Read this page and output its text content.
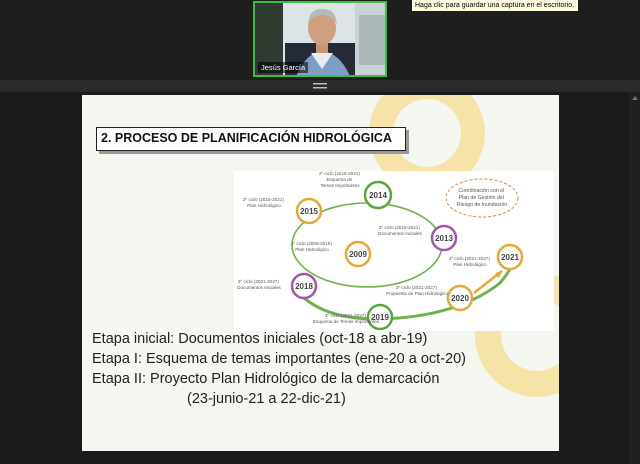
Jesús García
Haga clic para guardar una captura en el escritorio.
Coordinación con el Plan de Gestión del Riesgo de Inundación
2014
2º ciclo (2015-2021) Esquema de Temas Importantes
2015
2º ciclo (2015-2021) Plan Hidrológico
2013
2º ciclo (2015-2021) Documentos Iniciales
2009
1º ciclo (2009-2015) Plan Hidrológico
2021
3º ciclo (2021-2027) Plan Hidrológico
2018
3º ciclo (2021-2027) Documentos Iniciales
2020
3º ciclo (2021-2027) Propuesta de Plan Hidrológico
2019
3º ciclo (2021-2027) Esquema de Temas Importantes
2. PROCESO DE PLANIFICACIÓN HIDROLÓGICA

Etapa inicial: Documentos iniciales (oct-18 a abr-19)

Etapa I: Esquema de temas importantes (ene-20 a oct-20)

Etapa II: Proyecto Plan Hidrológico de la demarcación

(23-junio-21 a 22-dic-21)
